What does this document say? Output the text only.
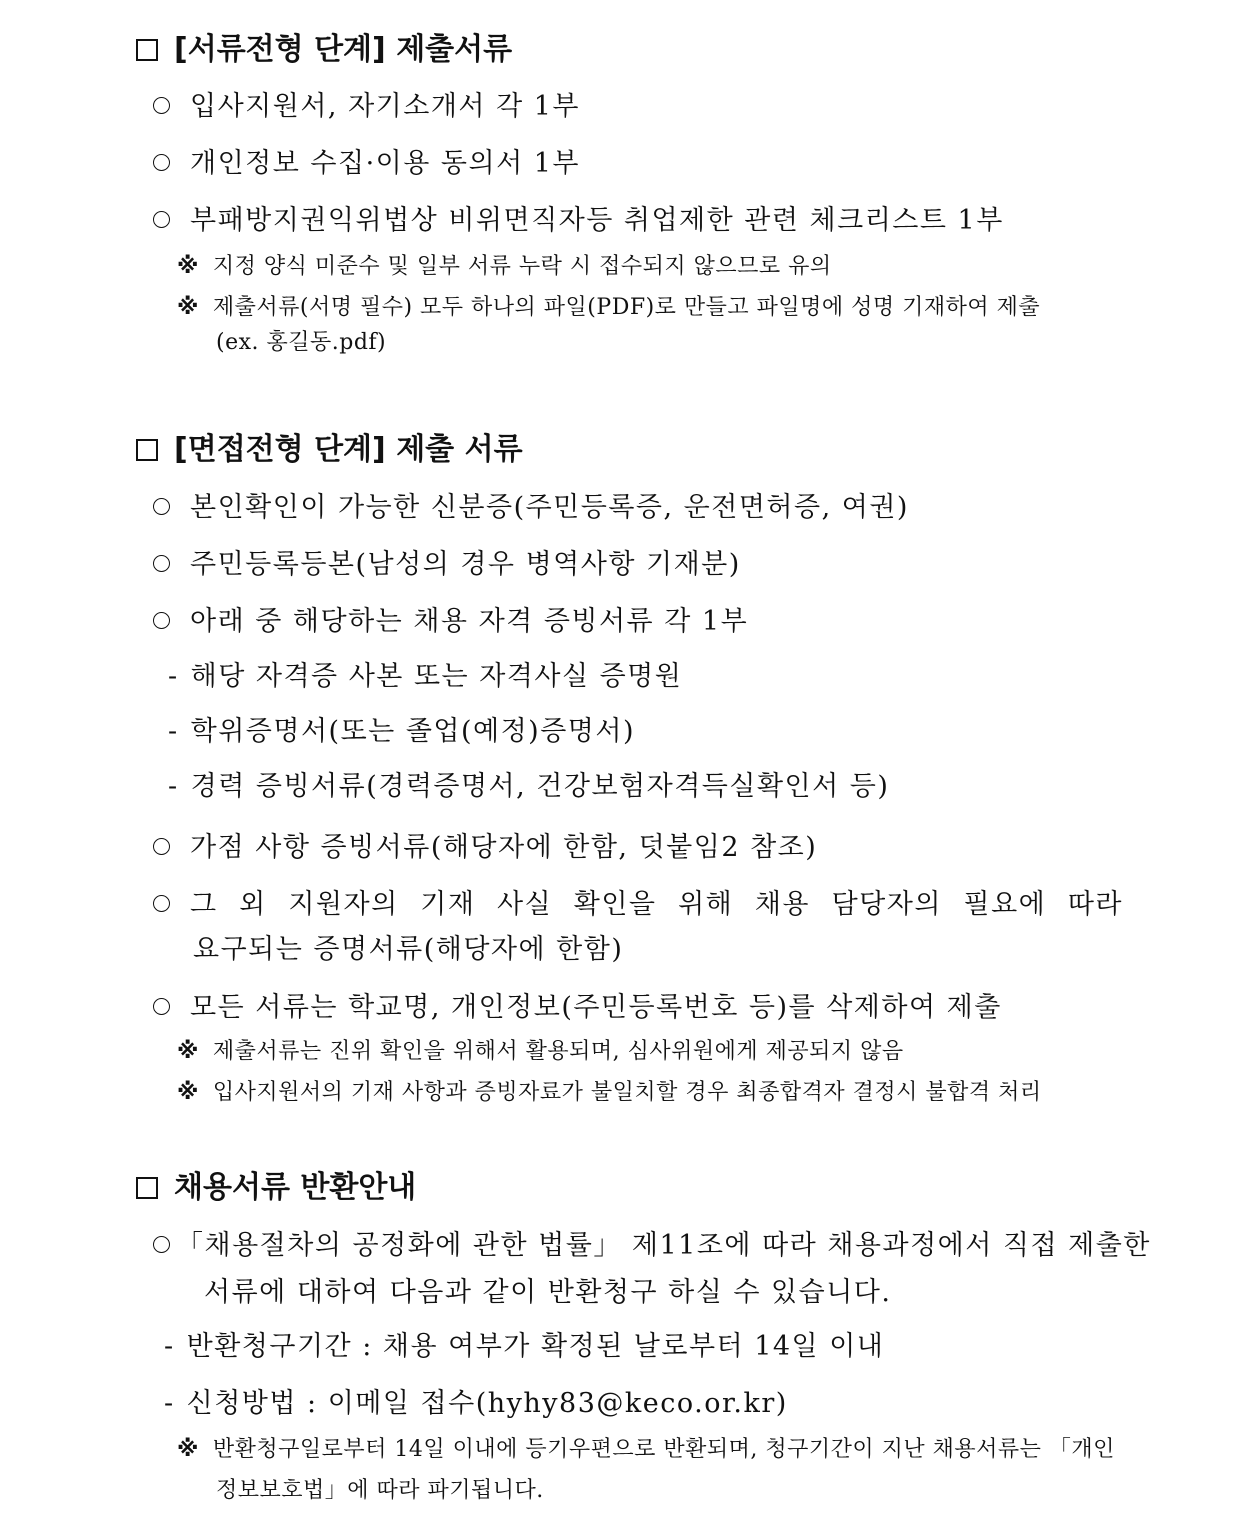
[서류전형 단계] 제출서류
입사지원서, 자기소개서 각 1부
개인정보 수집·이용 동의서 1부
부패방지권익위법상 비위면직자등 취업제한 관련 체크리스트 1부
※ 지정 양식 미준수 및 일부 서류 누락 시 접수되지 않으므로 유의
※ 제출서류(서명 필수) 모두 하나의 파일(PDF)로 만들고 파일명에 성명 기재하여 제출
(ex. 홍길동.pdf)
[면접전형 단계] 제출 서류
본인확인이 가능한 신분증(주민등록증, 운전면허증, 여권)
주민등록등본(남성의 경우 병역사항 기재분)
아래 중 해당하는 채용 자격 증빙서류 각 1부
- 해당 자격증 사본 또는 자격사실 증명원
- 학위증명서(또는 졸업(예정)증명서)
- 경력 증빙서류(경력증명서, 건강보험자격득실확인서 등)
가점 사항 증빙서류(해당자에 한함, 덧붙임2 참조)
그 외 지원자의 기재 사실 확인을 위해 채용 담당자의 필요에 따라
요구되는 증명서류(해당자에 한함)
모든 서류는 학교명, 개인정보(주민등록번호 등)를 삭제하여 제출
※ 제출서류는 진위 확인을 위해서 활용되며, 심사위원에게 제공되지 않음
※ 입사지원서의 기재 사항과 증빙자료가 불일치할 경우 최종합격자 결정시 불합격 처리
채용서류 반환안내
「채용절차의 공정화에 관한 법률」 제11조에 따라 채용과정에서 직접 제출한
서류에 대하여 다음과 같이 반환청구 하실 수 있습니다.
- 반환청구기간 : 채용 여부가 확정된 날로부터 14일 이내
- 신청방법 : 이메일 접수(hyhy83@keco.or.kr)
※ 반환청구일로부터 14일 이내에 등기우편으로 반환되며, 청구기간이 지난 채용서류는 「개인
정보보호법」에 따라 파기됩니다.
